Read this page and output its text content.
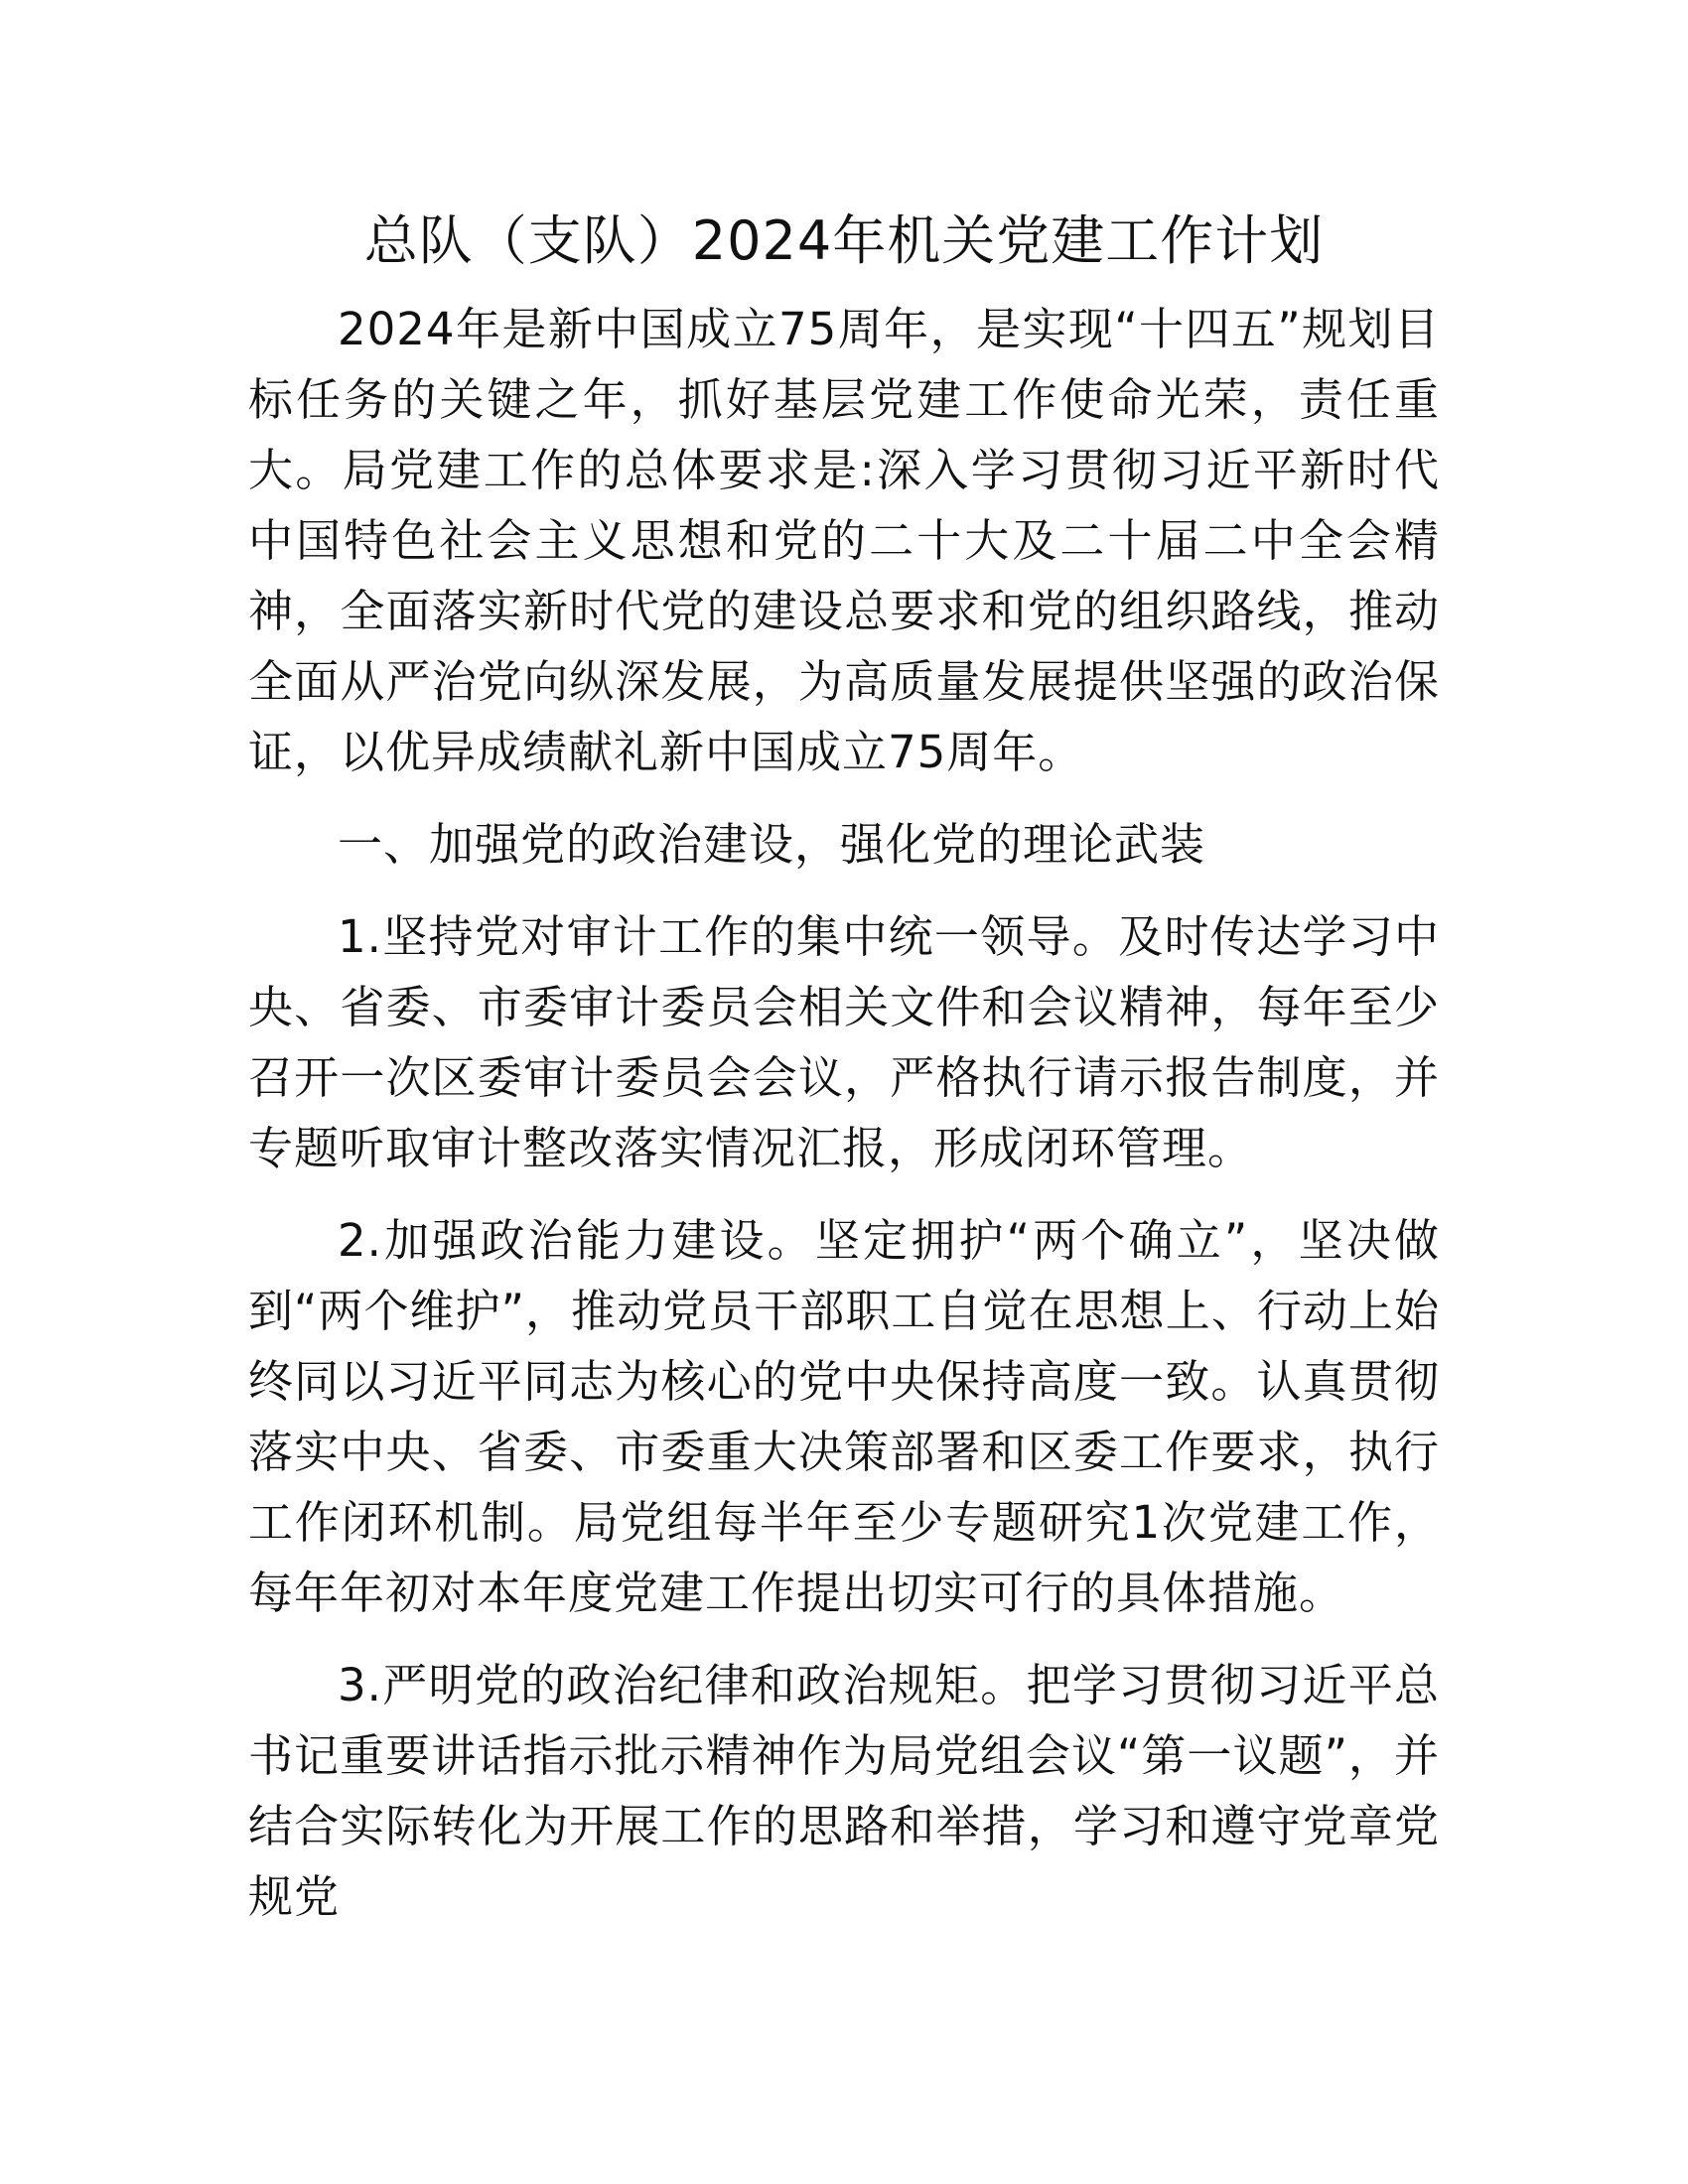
总队（支队）2024年机关党建工作计划

2024年是新中国成立75周年，是实现“十四五”规划目标任务的关键之年，抓好基层党建工作使命光荣，责任重大。局党建工作的总体要求是:深入学习贯彻习近平新时代中国特色社会主义思想和党的二十大及二十届二中全会精神，全面落实新时代党的建设总要求和党的组织路线，推动全面从严治党向纵深发展，为高质量发展提供坚强的政治保证，以优异成绩献礼新中国成立75周年。

一、加强党的政治建设，强化党的理论武装

1.坚持党对审计工作的集中统一领导。及时传达学习中央、省委、市委审计委员会相关文件和会议精神，每年至少召开一次区委审计委员会会议，严格执行请示报告制度，并专题听取审计整改落实情况汇报，形成闭环管理。

2.加强政治能力建设。坚定拥护“两个确立”，坚决做到“两个维护”，推动党员干部职工自觉在思想上、行动上始终同以习近平同志为核心的党中央保持高度一致。认真贯彻落实中央、省委、市委重大决策部署和区委工作要求，执行工作闭环机制。局党组每半年至少专题研究1次党建工作，每年年初对本年度党建工作提出切实可行的具体措施。

3.严明党的政治纪律和政治规矩。把学习贯彻习近平总书记重要讲话指示批示精神作为局党组会议“第一议题”，并结合实际转化为开展工作的思路和举措，学习和遵守党章党规党
